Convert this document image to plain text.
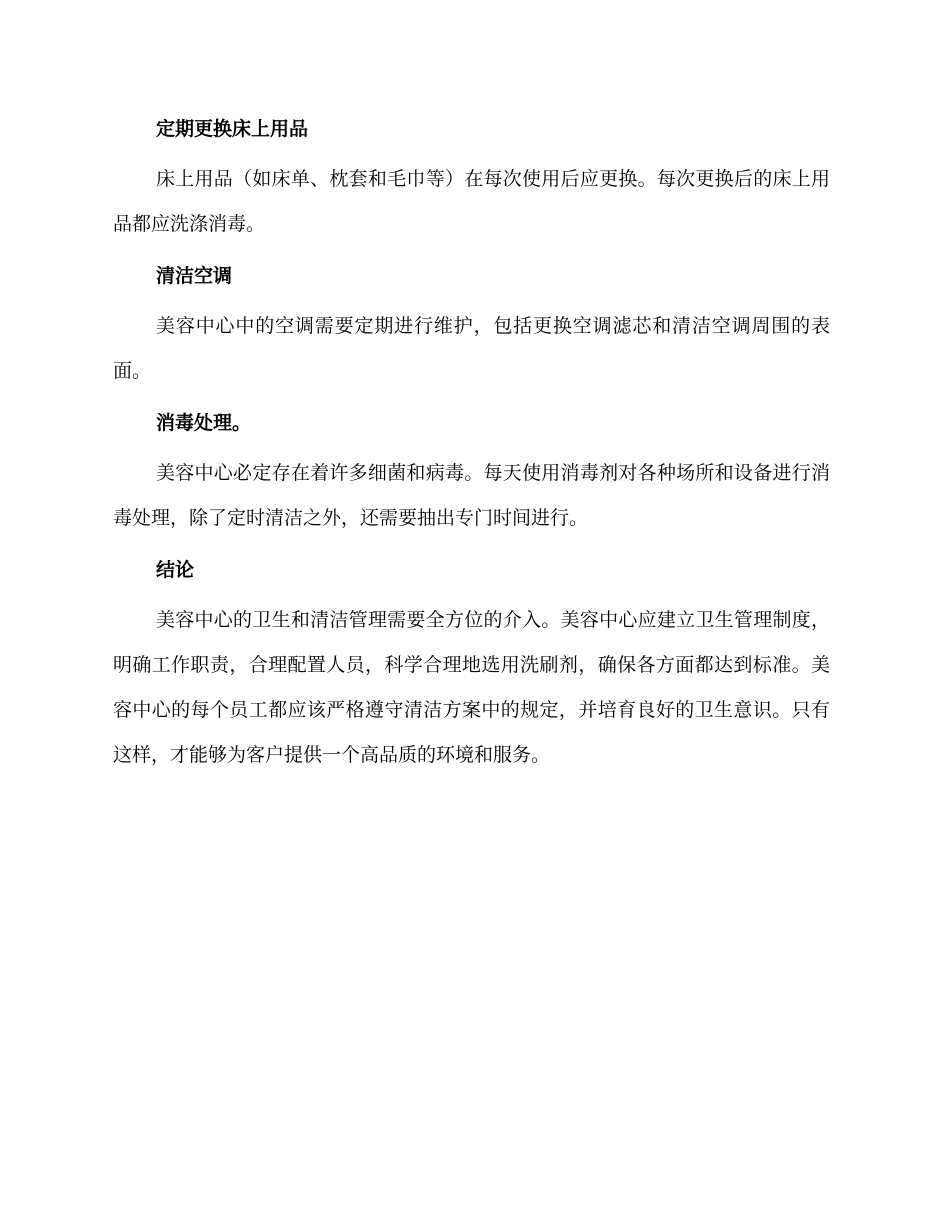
定期更换床上用品

床上用品（如床单、枕套和毛巾等）在每次使用后应更换。每次更换后的床上用品都应洗涤消毒。

清洁空调

美容中心中的空调需要定期进行维护，包括更换空调滤芯和清洁空调周围的表面。

消毒处理。

美容中心必定存在着许多细菌和病毒。每天使用消毒剂对各种场所和设备进行消毒处理，除了定时清洁之外，还需要抽出专门时间进行。

结论

美容中心的卫生和清洁管理需要全方位的介入。美容中心应建立卫生管理制度，明确工作职责，合理配置人员，科学合理地选用洗刷剂，确保各方面都达到标准。美容中心的每个员工都应该严格遵守清洁方案中的规定，并培育良好的卫生意识。只有这样，才能够为客户提供一个高品质的环境和服务。
